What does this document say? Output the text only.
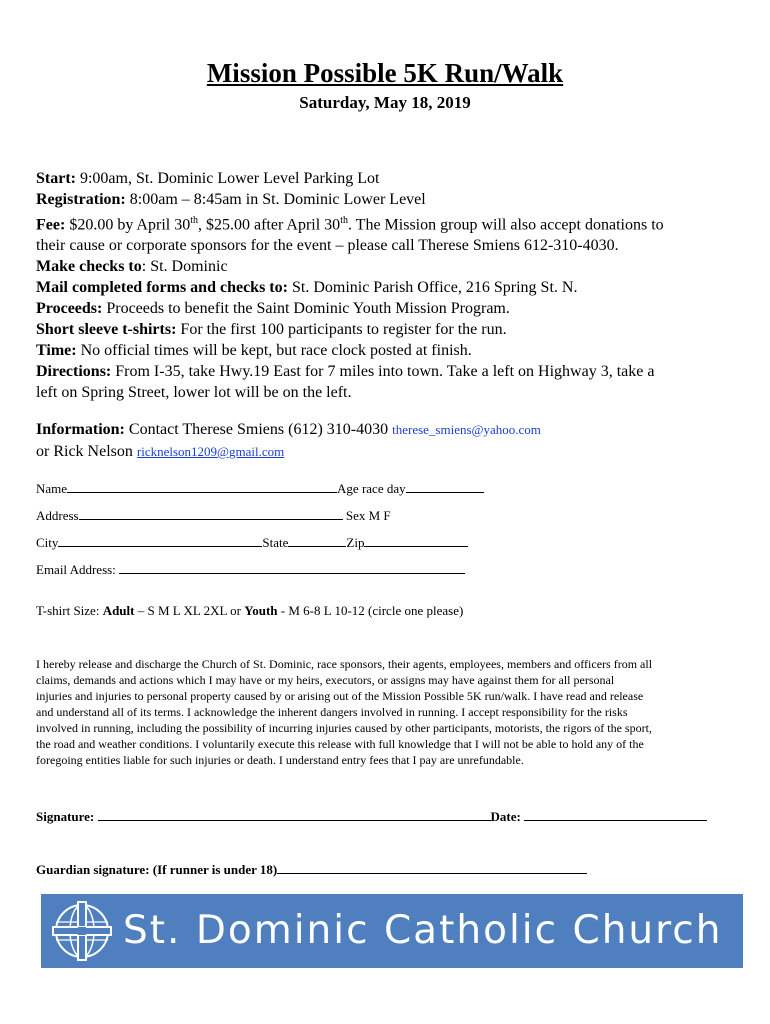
Mission Possible 5K Run/Walk
Saturday, May 18, 2019

Start: 9:00am, St. Dominic Lower Level Parking Lot

Registration: 8:00am – 8:45am in St. Dominic Lower Level

Fee: $20.00 by April 30th, $25.00 after April 30th. The Mission group will also accept donations to

their cause or corporate sponsors for the event – please call Therese Smiens 612-310-4030.

Make checks to: St. Dominic

Mail completed forms and checks to: St. Dominic Parish Office, 216 Spring St. N.

Proceeds: Proceeds to benefit the Saint Dominic Youth Mission Program.

Short sleeve t-shirts: For the first 100 participants to register for the run.

Time: No official times will be kept, but race clock posted at finish.

Directions: From I-35, take Hwy.19 East for 7 miles into town. Take a left on Highway 3, take a

left on Spring Street, lower lot will be on the left.

Information: Contact Therese Smiens (612) 310-4030 therese_smiens@yahoo.com

or Rick Nelson ricknelson1209@gmail.com

Name	Age race day
Address	Sex M F
City	State	Zip
Email Address:
T-shirt Size: Adult – S M L XL 2XL or Youth - M 6-8 L 10-12 (circle one please)

I hereby release and discharge the Church of St. Dominic, race sponsors, their agents, employees, members and officers from all

claims, demands and actions which I may have or my heirs, executors, or assigns may have against them for all personal

injuries and injuries to personal property caused by or arising out of the Mission Possible 5K run/walk. I have read and release

and understand all of its terms. I acknowledge the inherent dangers involved in running. I accept responsibility for the risks

involved in running, including the possibility of incurring injuries caused by other participants, motorists, the rigors of the sport,

the road and weather conditions. I voluntarily execute this release with full knowledge that I will not be able to hold any of the

foregoing entities liable for such injuries or death. I understand entry fees that I pay are unrefundable.

Signature:	Date:
Guardian signature: (If runner is under 18)
St. Dominic Catholic Church
